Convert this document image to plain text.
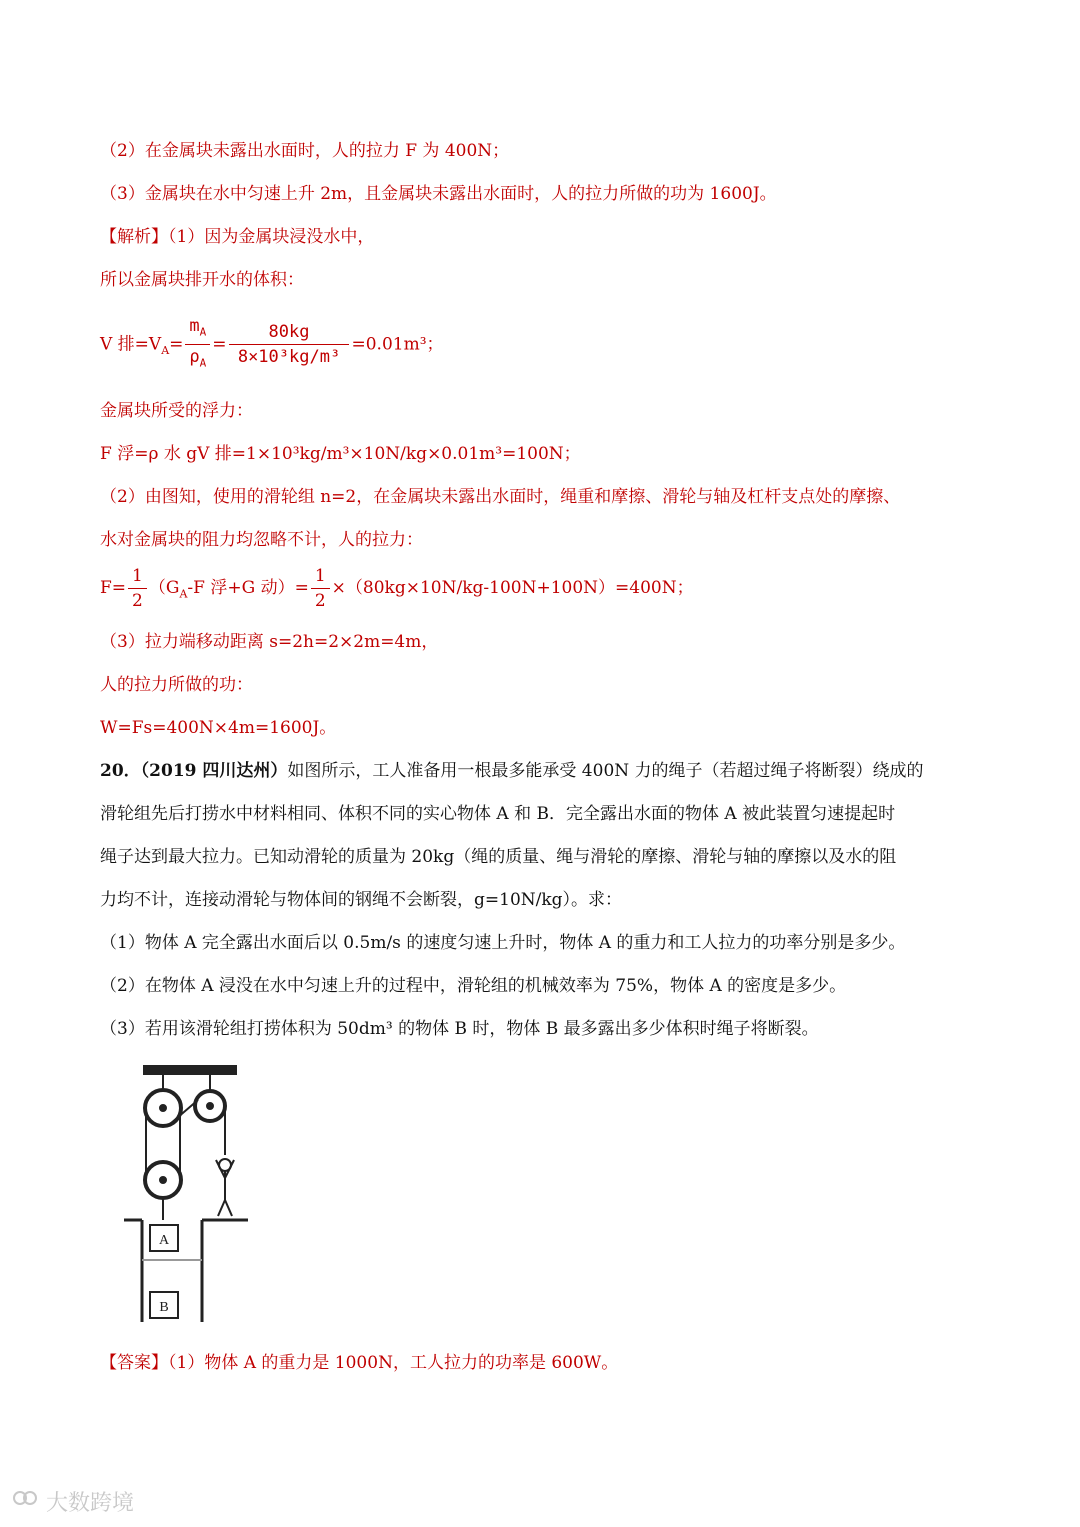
（2）在金属块未露出水面时，人的拉力 F 为 400N；
（3）金属块在水中匀速上升 2m，且金属块未露出水面时，人的拉力所做的功为 1600J。
【解析】（1）因为金属块浸没水中，
所以金属块排开水的体积：
V 排$=V_A= \frac{m_A}{\rho_A} = \frac{80kg}{\text{8×10³kg/m³}} =0.01m^3$；
金属块所受的浮力：
F 浮=ρ 水 gV 排=1×10³kg/m³×10N/kg×0.01m³=100N；
（2）由图知，使用的滑轮组 n=2，在金属块未露出水面时，绳重和摩擦、滑轮与轴及杠杆支点处的摩擦、
水对金属块的阻力均忽略不计，人的拉力：
$F= \frac{1}{2} (G_A-F$ 浮+G 动）= $\frac{1}{2} \times(80kg\times 10N/kg-100N+100N)=400N$；
（3）拉力端移动距离 s=2h=2×2m=4m，
人的拉力所做的功：
W=Fs=400N×4m=1600J。
20．（2019 四川达州）如图所示，工人准备用一根最多能承受 400N 力的绳子（若超过绳子将断裂）绕成的
滑轮组先后打捞水中材料相同、体积不同的实心物体 A 和 B．完全露出水面的物体 A 被此装置匀速提起时
绳子达到最大拉力。已知动滑轮的质量为 20kg（绳的质量、绳与滑轮的摩擦、滑轮与轴的摩擦以及水的阻
力均不计，连接动滑轮与物体间的钢绳不会断裂，g=10N/kg）。求：
（1）物体 A 完全露出水面后以 0.5m/s 的速度匀速上升时，物体 A 的重力和工人拉力的功率分别是多少。
（2）在物体 A 浸没在水中匀速上升的过程中，滑轮组的机械效率为 75%，物体 A 的密度是多少。
（3）若用该滑轮组打捞体积为 50dm³ 的物体 B 时，物体 B 最多露出多少体积时绳子将断裂。
A
B
【答案】（1）物体 A 的重力是 1000N，工人拉力的功率是 600W。
大数跨境
